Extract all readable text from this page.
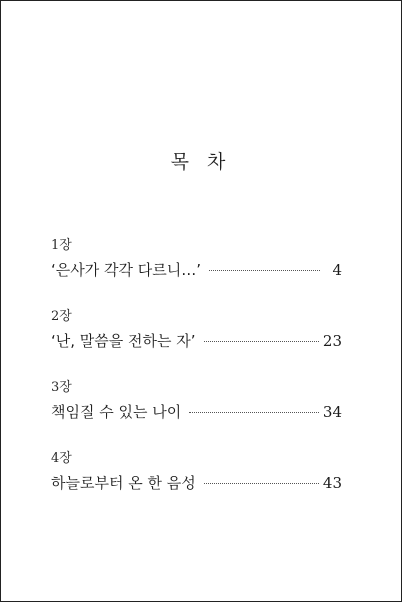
목 차
1장
‘은사가 각각 다르니…’	4
2장
‘난, 말씀을 전하는 자’	23
3장
책임질 수 있는 나이	34
4장
하늘로부터 온 한 음성	43
